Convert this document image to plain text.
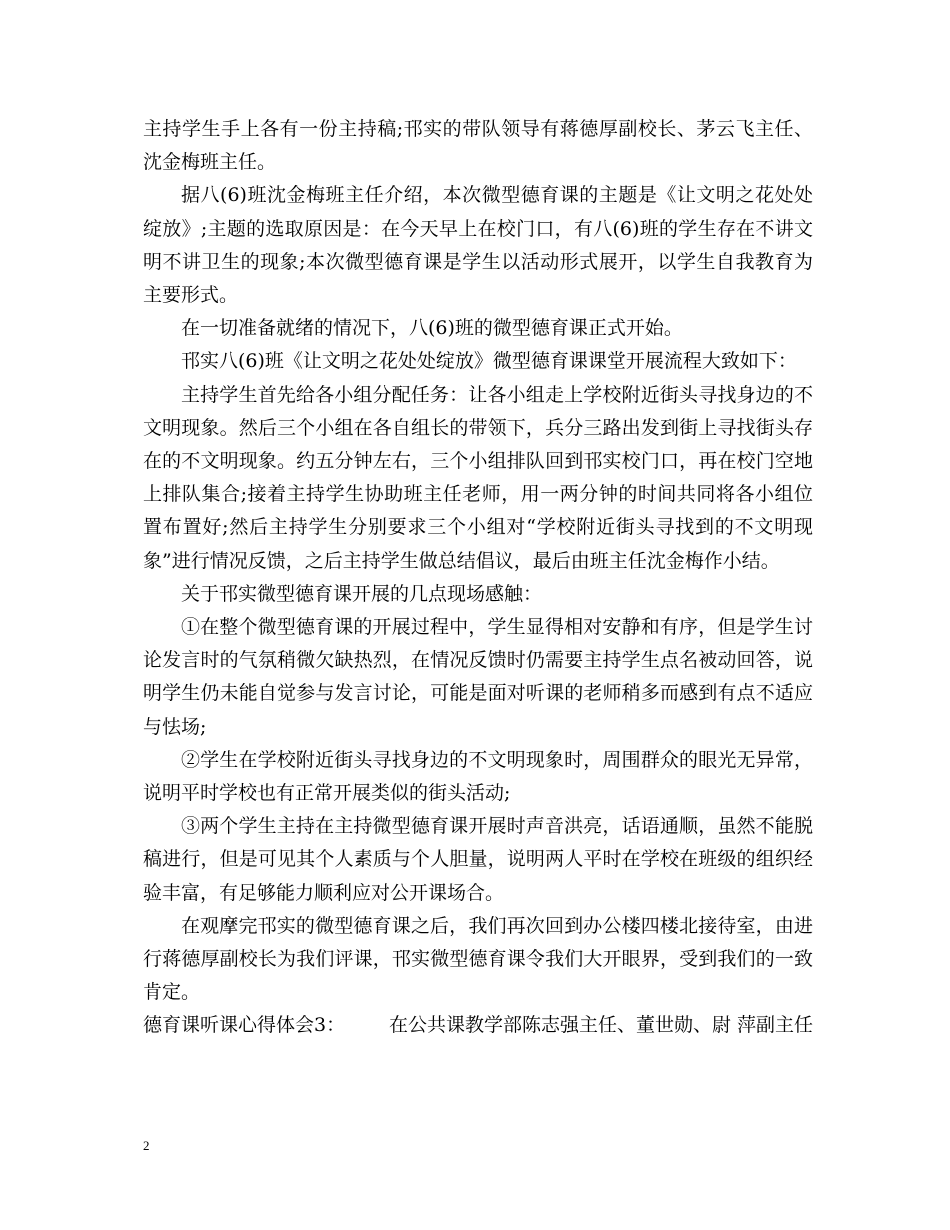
主持学生手上各有一份主持稿;邗实的带队领导有蒋德厚副校长、茅云飞主任、沈金梅班主任。

据八(6)班沈金梅班主任介绍，本次微型德育课的主题是《让文明之花处处绽放》;主题的选取原因是：在今天早上在校门口，有八(6)班的学生存在不讲文明不讲卫生的现象;本次微型德育课是学生以活动形式展开，以学生自我教育为主要形式。

在一切准备就绪的情况下，八(6)班的微型德育课正式开始。

邗实八(6)班《让文明之花处处绽放》微型德育课课堂开展流程大致如下：

主持学生首先给各小组分配任务：让各小组走上学校附近街头寻找身边的不文明现象。然后三个小组在各自组长的带领下，兵分三路出发到街上寻找街头存在的不文明现象。约五分钟左右，三个小组排队回到邗实校门口，再在校门空地上排队集合;接着主持学生协助班主任老师，用一两分钟的时间共同将各小组位置布置好;然后主持学生分别要求三个小组对“学校附近街头寻找到的不文明现象”进行情况反馈，之后主持学生做总结倡议，最后由班主任沈金梅作小结。

关于邗实微型德育课开展的几点现场感触：

①在整个微型德育课的开展过程中，学生显得相对安静和有序，但是学生讨论发言时的气氛稍微欠缺热烈，在情况反馈时仍需要主持学生点名被动回答，说明学生仍未能自觉参与发言讨论，可能是面对听课的老师稍多而感到有点不适应与怯场;

②学生在学校附近街头寻找身边的不文明现象时，周围群众的眼光无异常，说明平时学校也有正常开展类似的街头活动;

③两个学生主持在主持微型德育课开展时声音洪亮，话语通顺，虽然不能脱稿进行，但是可见其个人素质与个人胆量，说明两人平时在学校在班级的组织经验丰富，有足够能力顺利应对公开课场合。

在观摩完邗实的微型德育课之后，我们再次回到办公楼四楼北接待室，由进行蒋德厚副校长为我们评课，邗实微型德育课令我们大开眼界，受到我们的一致肯定。

德育课听课心得体会3： 在公共课教学部陈志强主任、董世勋、尉 萍副主任
2
